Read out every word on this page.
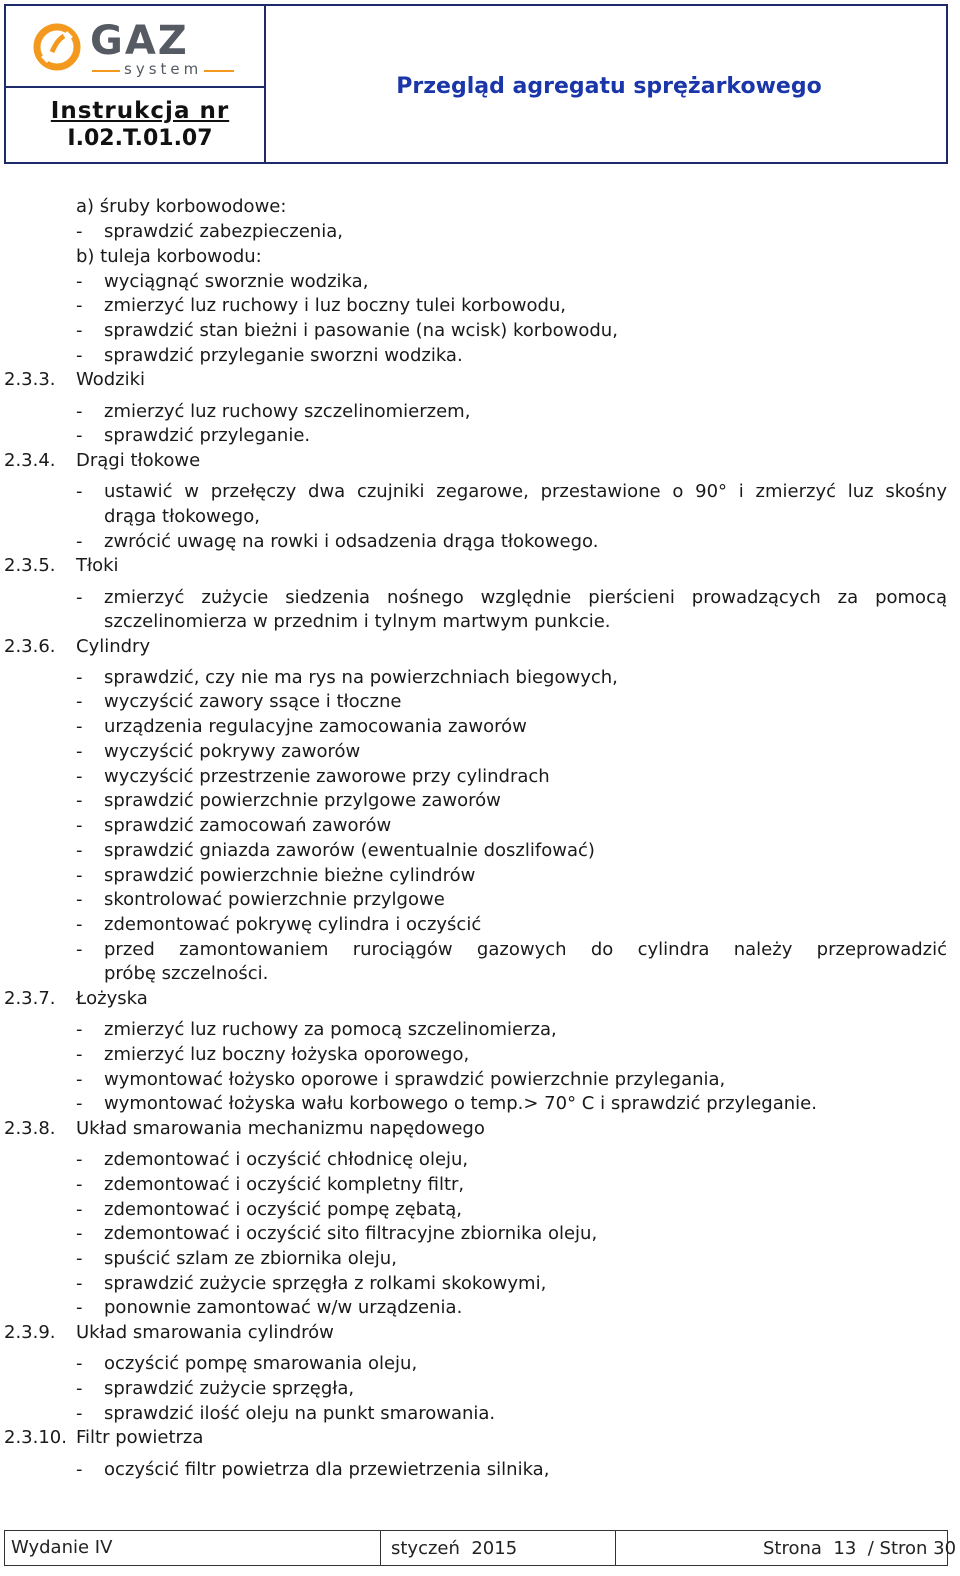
GAZ
system
Instrukcja nr
I.02.T.01.07
Przegląd agregatu sprężarkowego
a) śruby korbowodowe:
- sprawdzić zabezpieczenia,
b) tuleja korbowodu:
- wyciągnąć sworznie wodzika,
- zmierzyć luz ruchowy i luz boczny tulei korbowodu,
- sprawdzić stan bieżni i pasowanie (na wcisk) korbowodu,
- sprawdzić przyleganie sworzni wodzika.
2.3.3. Wodziki
- zmierzyć luz ruchowy szczelinomierzem,
- sprawdzić przyleganie.
2.3.4. Drągi tłokowe
- ustawić w przełęczy dwa czujniki zegarowe, przestawione o 90° i zmierzyć luz skośny
drąga tłokowego,
- zwrócić uwagę na rowki i odsadzenia drąga tłokowego.
2.3.5. Tłoki
- zmierzyć zużycie siedzenia nośnego względnie pierścieni prowadzących za pomocą
szczelinomierza w przednim i tylnym martwym punkcie.
2.3.6. Cylindry
- sprawdzić, czy nie ma rys na powierzchniach biegowych,
- wyczyścić zawory ssące i tłoczne
- urządzenia regulacyjne zamocowania zaworów
- wyczyścić pokrywy zaworów
- wyczyścić przestrzenie zaworowe przy cylindrach
- sprawdzić powierzchnie przylgowe zaworów
- sprawdzić zamocowań zaworów
- sprawdzić gniazda zaworów (ewentualnie doszlifować)
- sprawdzić powierzchnie bieżne cylindrów
- skontrolować powierzchnie przylgowe
- zdemontować pokrywę cylindra i oczyścić
- przed zamontowaniem rurociągów gazowych do cylindra należy przeprowadzić
próbę szczelności.
2.3.7. Łożyska
- zmierzyć luz ruchowy za pomocą szczelinomierza,
- zmierzyć luz boczny łożyska oporowego,
- wymontować łożysko oporowe i sprawdzić powierzchnie przylegania,
- wymontować łożyska wału korbowego o temp.> 70° C i sprawdzić przyleganie.
2.3.8. Układ smarowania mechanizmu napędowego
- zdemontować i oczyścić chłodnicę oleju,
- zdemontować i oczyścić kompletny filtr,
- zdemontować i oczyścić pompę zębatą,
- zdemontować i oczyścić sito filtracyjne zbiornika oleju,
- spuścić szlam ze zbiornika oleju,
- sprawdzić zużycie sprzęgła z rolkami skokowymi,
- ponownie zamontować w/w urządzenia.
2.3.9. Układ smarowania cylindrów
- oczyścić pompę smarowania oleju,
- sprawdzić zużycie sprzęgła,
- sprawdzić ilość oleju na punkt smarowania.
2.3.10. Filtr powietrza
- oczyścić filtr powietrza dla przewietrzenia silnika,
Wydanie IV	styczeń  2015	Strona  13  / Stron 30
